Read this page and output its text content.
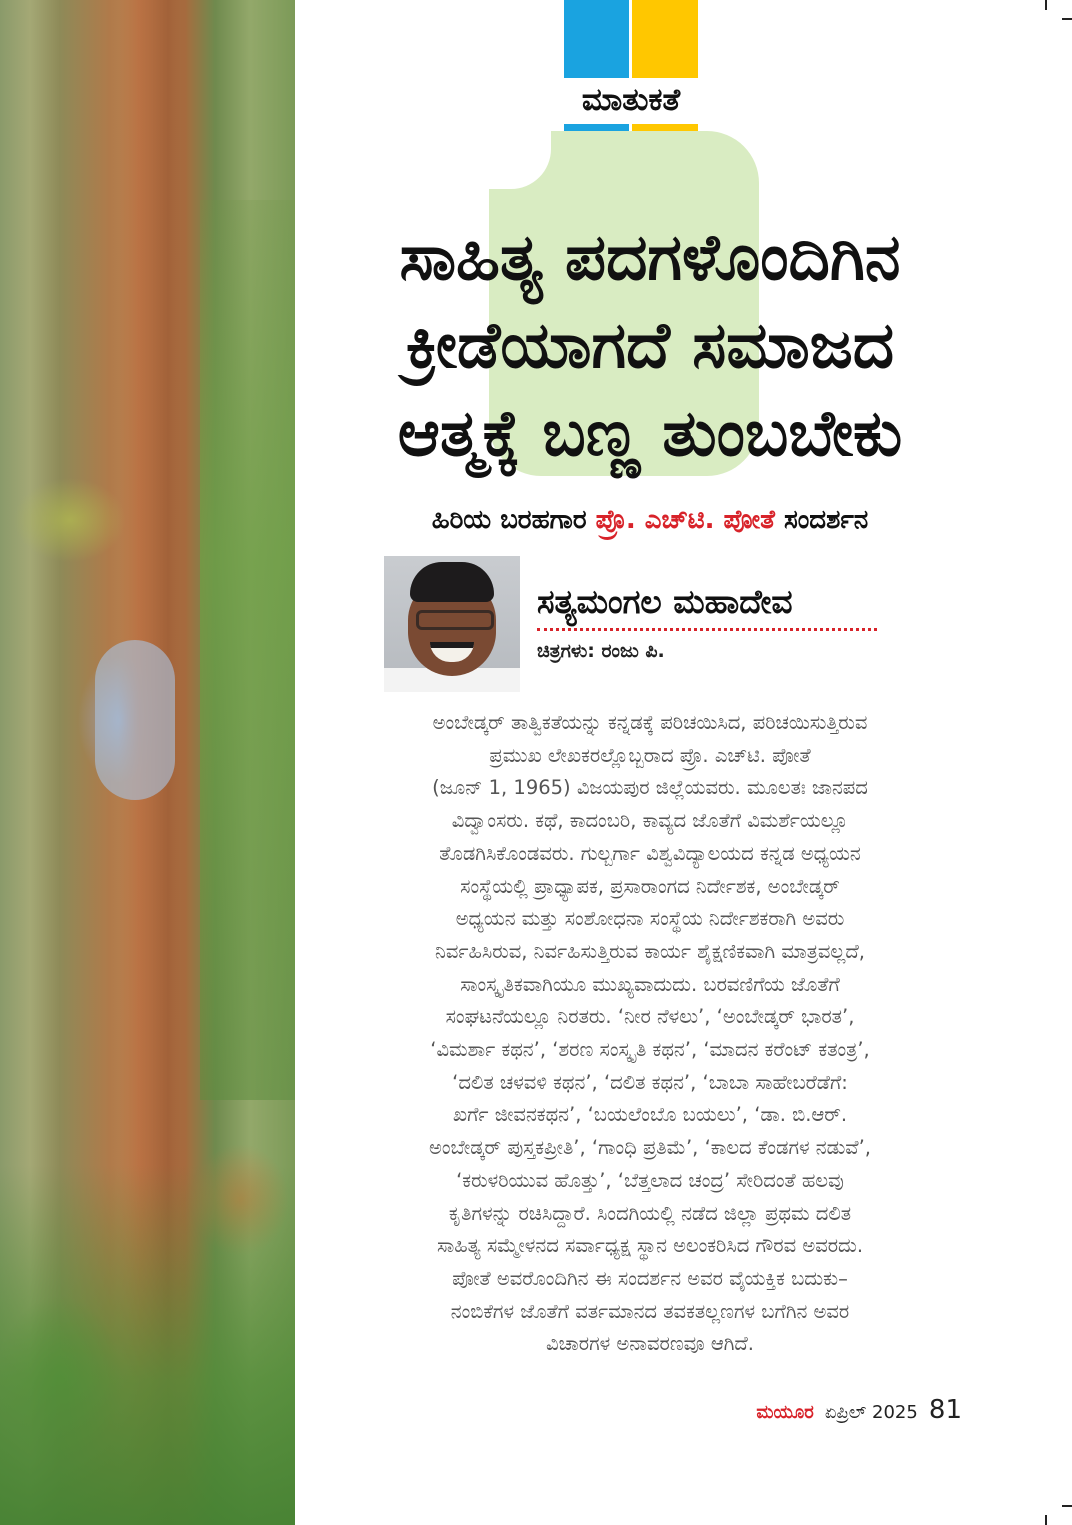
ಮಾತುಕತೆ
ಸಾಹಿತ್ಯ ಪದಗಳೊಂದಿಗಿನ
ಕ್ರೀಡೆಯಾಗದೆ ಸಮಾಜದ
ಆತ್ಮಕ್ಕೆ ಬಣ್ಣ ತುಂಬಬೇಕು
ಹಿರಿಯ ಬರಹಗಾರ ಪ್ರೊ. ಎಚ್‌ಟಿ. ಪೋತೆ ಸಂದರ್ಶನ
ಸತ್ಯಮಂಗಲ ಮಹಾದೇವ
ಚಿತ್ರಗಳು: ರಂಜು ಪಿ.
ಅಂಬೇಡ್ಕರ್ ತಾತ್ವಿಕತೆಯನ್ನು ಕನ್ನಡಕ್ಕೆ ಪರಿಚಯಿಸಿದ, ಪರಿಚಯಿಸುತ್ತಿರುವ
ಪ್ರಮುಖ ಲೇಖಕರಲ್ಲೊಬ್ಬರಾದ ಪ್ರೊ. ಎಚ್‌ಟಿ. ಪೋತೆ
(ಜೂನ್ 1, 1965) ವಿಜಯಪುರ ಜಿಲ್ಲೆಯವರು. ಮೂಲತಃ ಜಾನಪದ
ವಿದ್ವಾಂಸರು. ಕಥೆ, ಕಾದಂಬರಿ, ಕಾವ್ಯದ ಜೊತೆಗೆ ವಿಮರ್ಶೆಯಲ್ಲೂ
ತೊಡಗಿಸಿಕೊಂಡವರು. ಗುಲ್ಬರ್ಗಾ ವಿಶ್ವವಿದ್ಯಾಲಯದ ಕನ್ನಡ ಅಧ್ಯಯನ
ಸಂಸ್ಥೆಯಲ್ಲಿ ಪ್ರಾಧ್ಯಾಪಕ, ಪ್ರಸಾರಾಂಗದ ನಿರ್ದೇಶಕ, ಅಂಬೇಡ್ಕರ್
ಅಧ್ಯಯನ ಮತ್ತು ಸಂಶೋಧನಾ ಸಂಸ್ಥೆಯ ನಿರ್ದೇಶಕರಾಗಿ ಅವರು
ನಿರ್ವಹಿಸಿರುವ, ನಿರ್ವಹಿಸುತ್ತಿರುವ ಕಾರ್ಯ ಶೈಕ್ಷಣಿಕವಾಗಿ ಮಾತ್ರವಲ್ಲದೆ,
ಸಾಂಸ್ಕೃತಿಕವಾಗಿಯೂ ಮುಖ್ಯವಾದುದು. ಬರವಣಿಗೆಯ ಜೊತೆಗೆ
ಸಂಘಟನೆಯಲ್ಲೂ ನಿರತರು. ‘ನೀರ ನೆಳಲು’, ‘ಅಂಬೇಡ್ಕರ್ ಭಾರತ’,
‘ವಿಮರ್ಶಾ ಕಥನ’, ‘ಶರಣ ಸಂಸ್ಕೃತಿ ಕಥನ’, ‘ಮಾದನ ಕರೆಂಟ್ ಕತಂತ್ರ’,
‘ದಲಿತ ಚಳವಳಿ ಕಥನ’, ‘ದಲಿತ ಕಥನ’, ‘ಬಾಬಾ ಸಾಹೇಬರೆಡೆಗೆ:
ಖರ್ಗೆ ಜೀವನಕಥನ’, ‘ಬಯಲೆಂಬೊ ಬಯಲು’, ‘ಡಾ. ಬಿ.ಆರ್.
ಅಂಬೇಡ್ಕರ್ ಪುಸ್ತಕಪ್ರೀತಿ’, ‘ಗಾಂಧಿ ಪ್ರತಿಮೆ’, ‘ಕಾಲದ ಕೆಂಡಗಳ ನಡುವೆ’,
‘ಕರುಳರಿಯುವ ಹೊತ್ತು’, ‘ಬೆತ್ತಲಾದ ಚಂದ್ರ’ ಸೇರಿದಂತೆ ಹಲವು
ಕೃತಿಗಳನ್ನು ರಚಿಸಿದ್ದಾರೆ. ಸಿಂದಗಿಯಲ್ಲಿ ನಡೆದ ಜಿಲ್ಲಾ ಪ್ರಥಮ ದಲಿತ
ಸಾಹಿತ್ಯ ಸಮ್ಮೇಳನದ ಸರ್ವಾಧ್ಯಕ್ಷ ಸ್ಥಾನ ಅಲಂಕರಿಸಿದ ಗೌರವ ಅವರದು.
ಪೋತೆ ಅವರೊಂದಿಗಿನ ಈ ಸಂದರ್ಶನ ಅವರ ವೈಯಕ್ತಿಕ ಬದುಕು–
ನಂಬಿಕೆಗಳ ಜೊತೆಗೆ ವರ್ತಮಾನದ ತವಕತಲ್ಲಣಗಳ ಬಗೆಗಿನ ಅವರ
ವಿಚಾರಗಳ ಅನಾವರಣವೂ ಆಗಿದೆ.
ಮಯೂರ ಏಪ್ರಿಲ್ 2025 81
